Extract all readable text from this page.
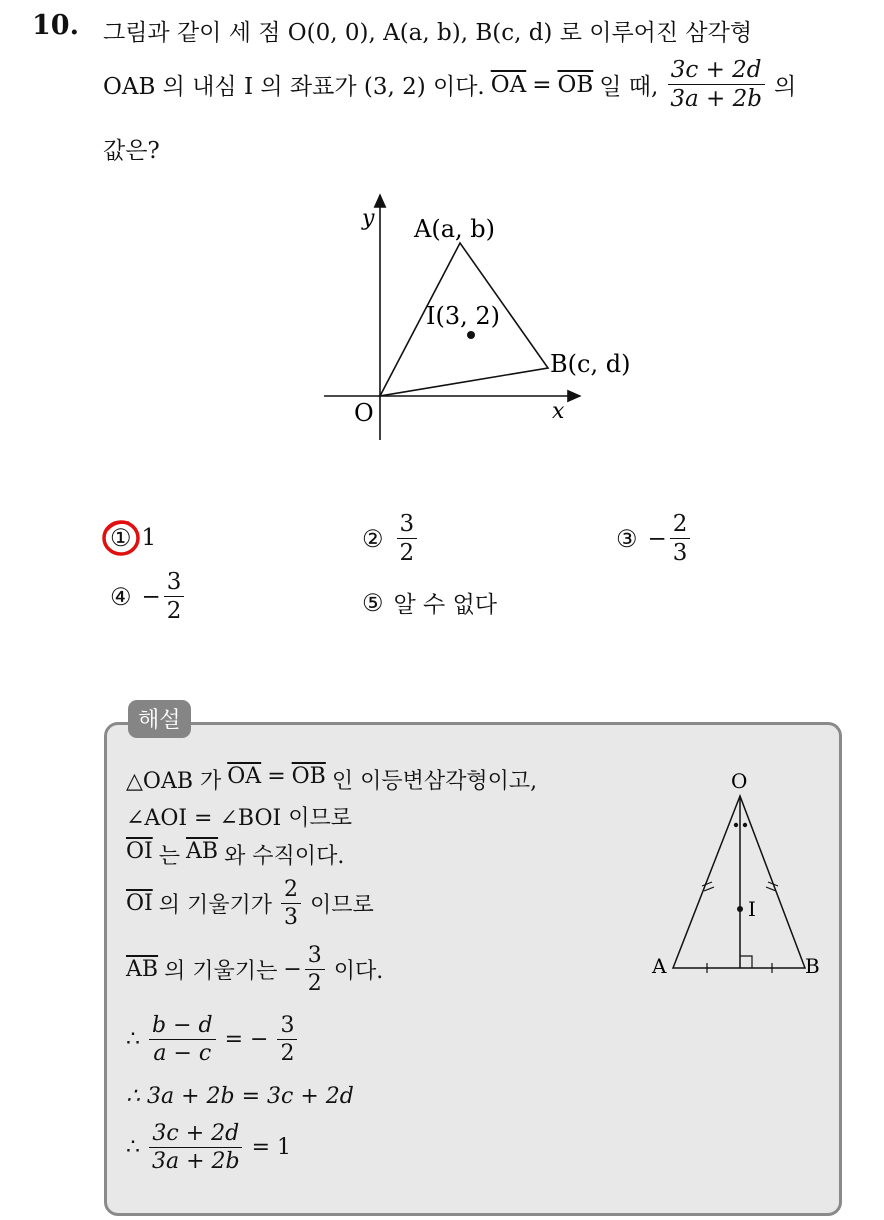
10. 그림과 같이 세 점 O(0, 0), A(a, b), B(c, d) 로 이루어진 삼각형
OAB 의 내심 I 의 좌표가 (3, 2) 이다. $\overline{OA} = \overline{OB}$ 일 때, $\frac{3c + 2d}{3a + 2b}$ 의
값은?
y
x
O
A(a, b)
B(c, d)
I(3, 2)
① 1	② $\frac{3}{2}$	③ − $\frac{2}{3}$
④ − $\frac{3}{2}$	⑤ 알 수 없다
해설
△OAB 가 $\overline{OA} = \overline{OB}$ 인 이등변삼각형이고,
∠AOI = ∠BOI 이므로
$\overline{OI}$ 는 $\overline{AB}$ 와 수직이다.
$\overline{OI}$ 의 기울기가 $\frac{2}{3}$ 이므로
$\overline{AB}$ 의 기울기는 − $\frac{3}{2}$ 이다.
∴ $\frac{b - d}{a - c}$ = − $\frac{3}{2}$
∴ 3a + 2b = 3c + 2d
∴ $\frac{3c + 2d}{3a + 2b} = 1$
O
A	B
I
